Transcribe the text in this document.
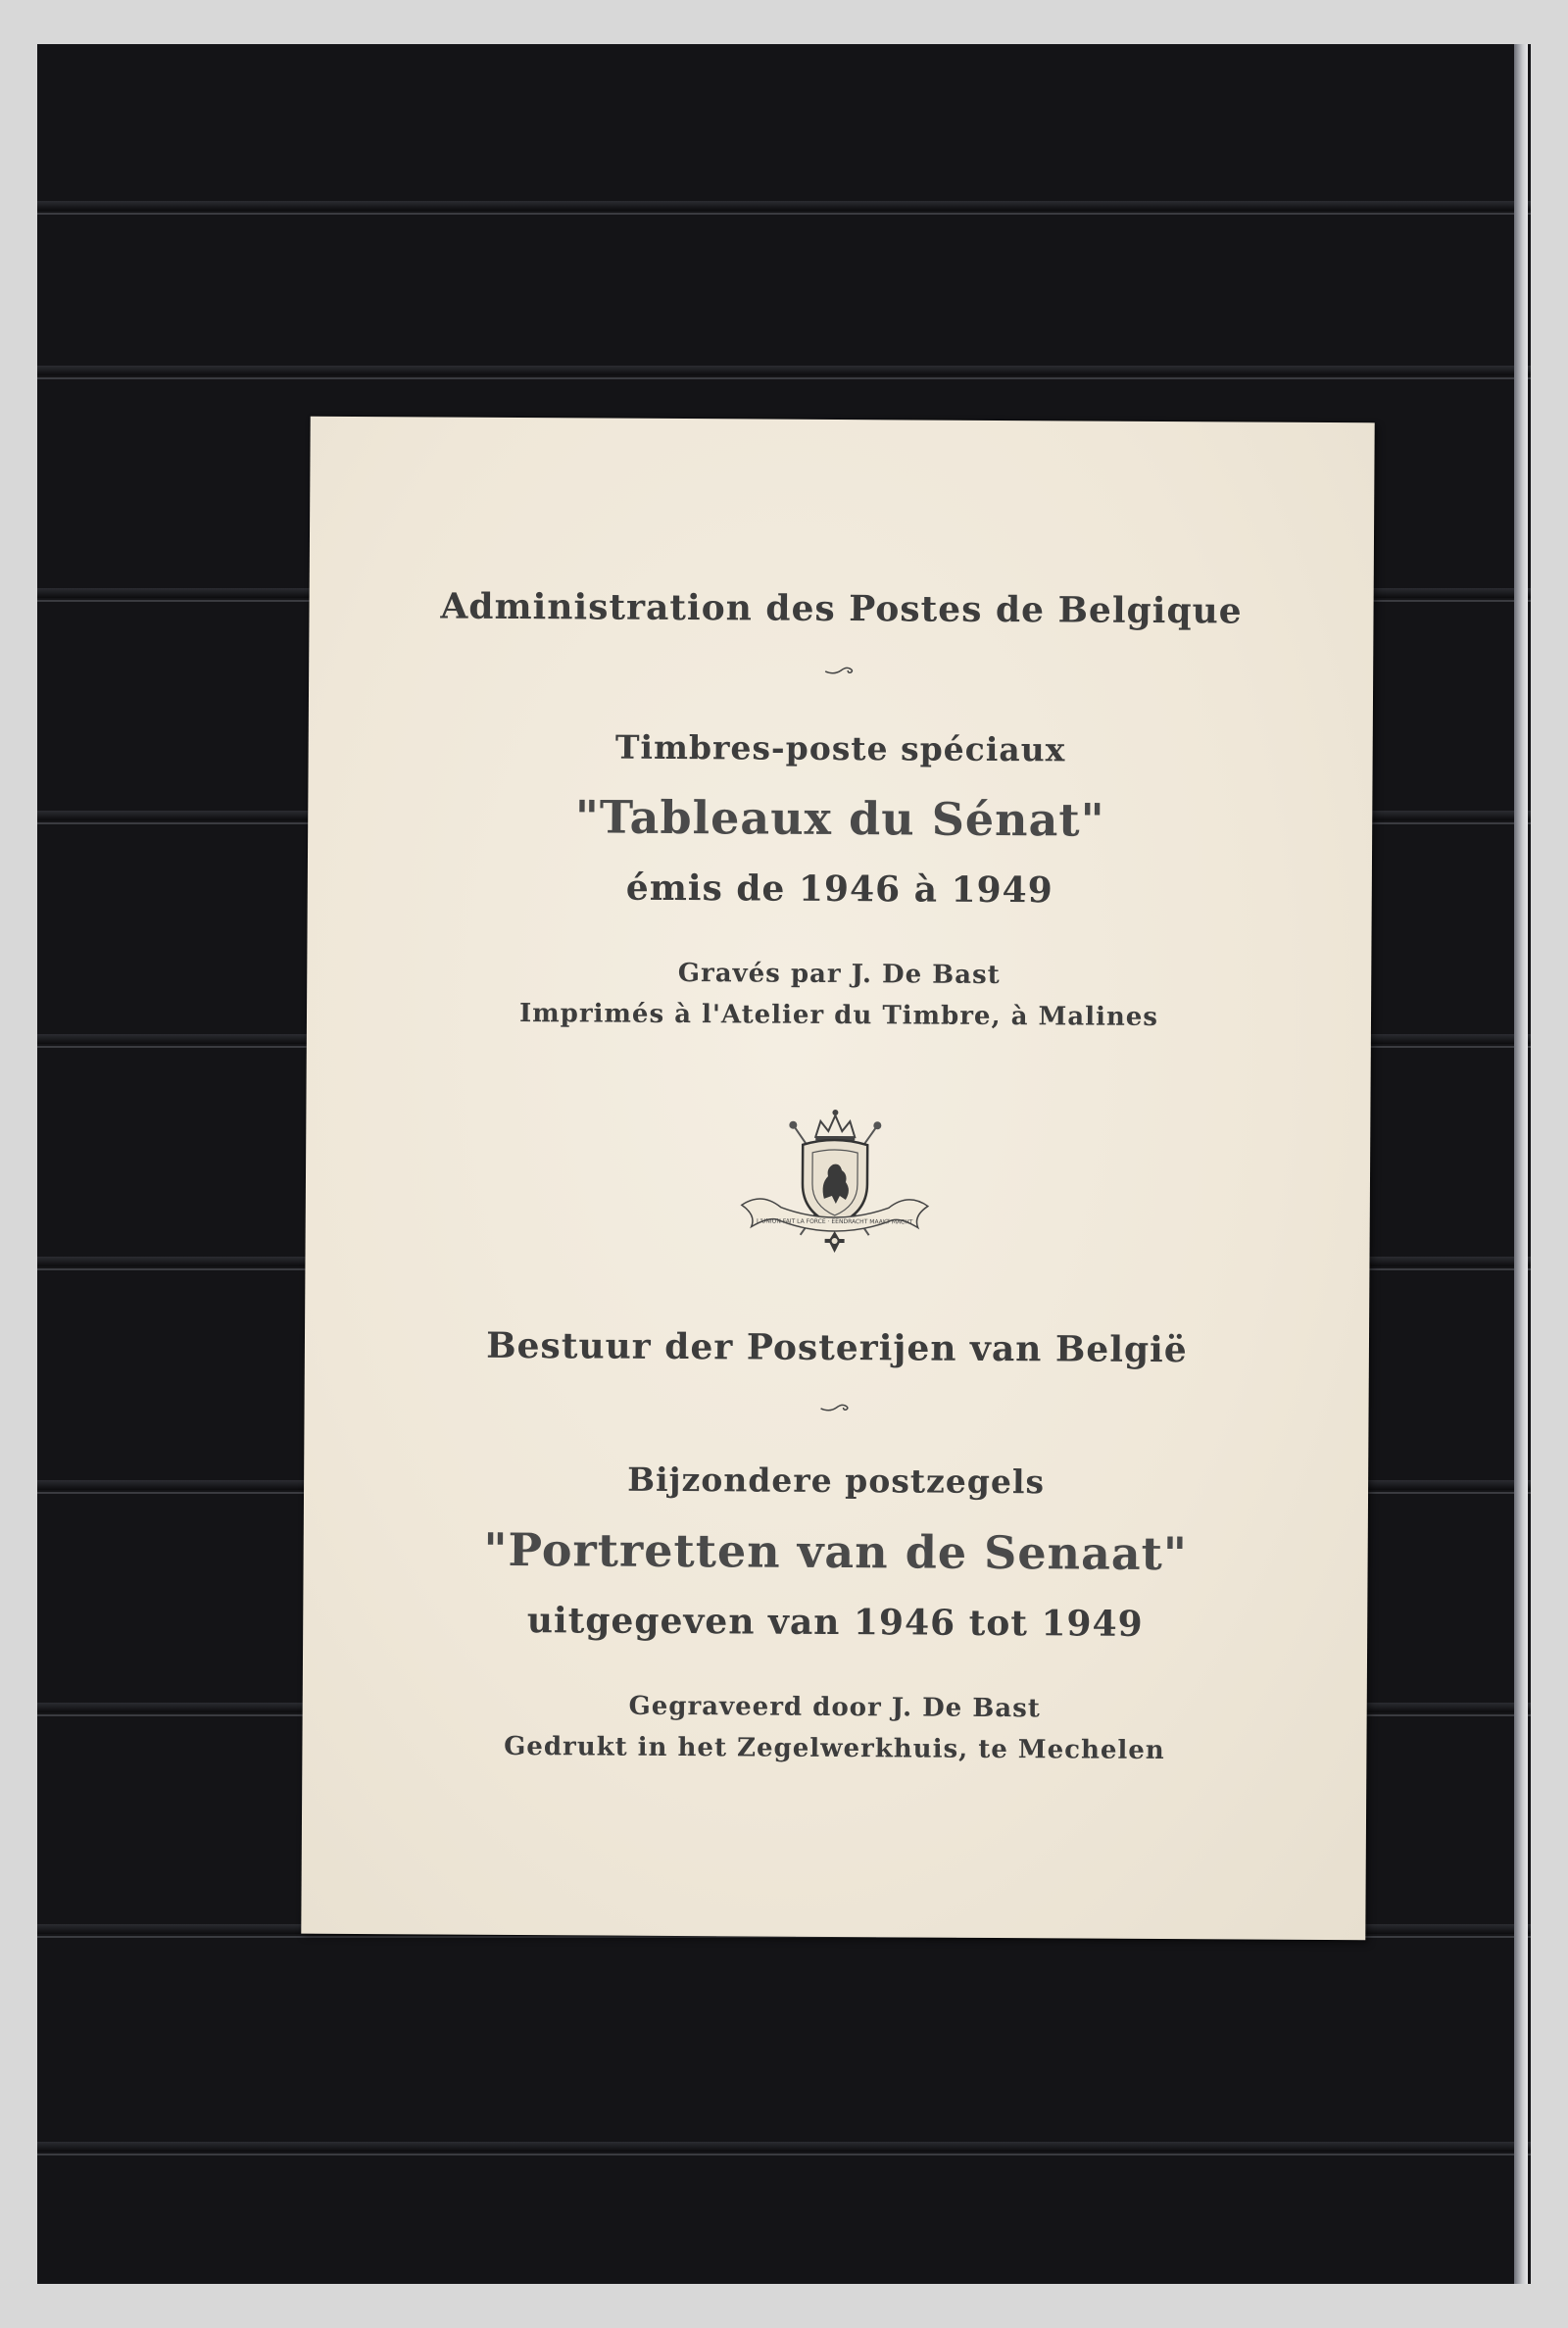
Administration des Postes de Belgique
Timbres-poste spéciaux
"Tableaux du Sénat"
émis de 1946 à 1949
Gravés par J. De Bast
Imprimés à l'Atelier du Timbre, à Malines
L'UNION FAIT LA FORCE · EENDRACHT MAAKT MACHT
Bestuur der Posterijen van België
Bijzondere postzegels
"Portretten van de Senaat"
uitgegeven van 1946 tot 1949
Gegraveerd door J. De Bast
Gedrukt in het Zegelwerkhuis, te Mechelen
